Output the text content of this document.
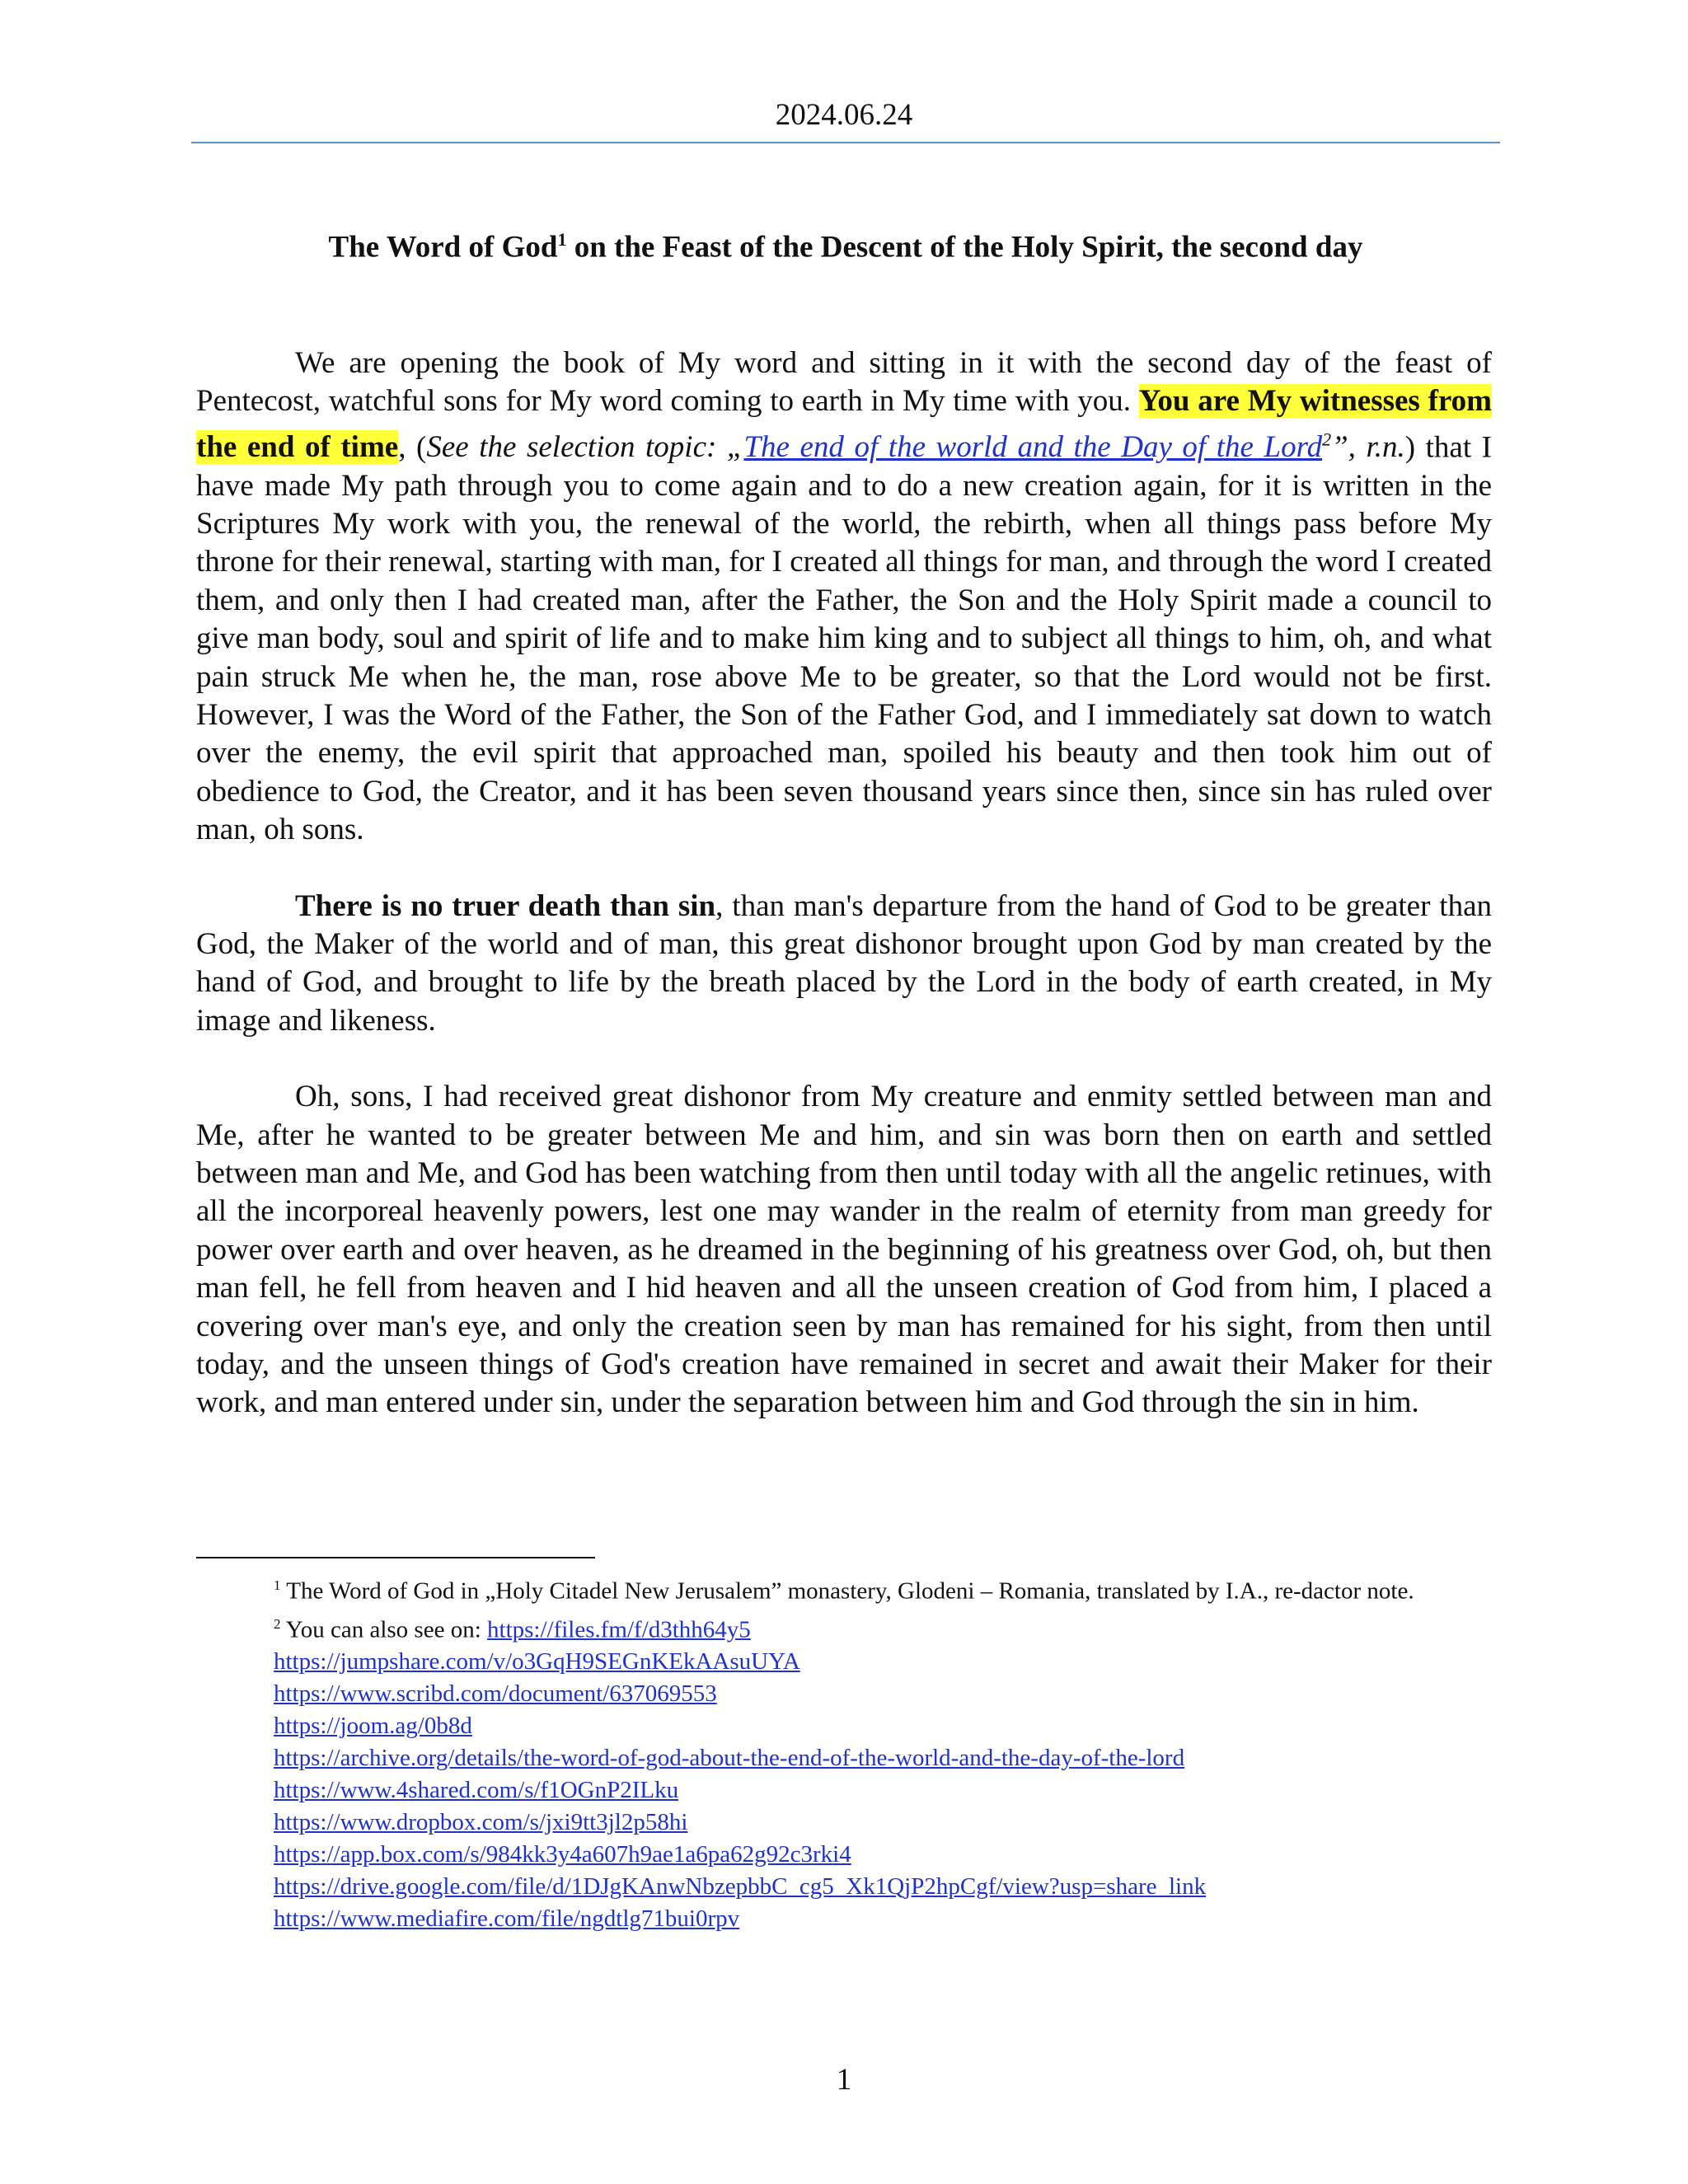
2024.06.24
The Word of God$^1$ on the Feast of the Descent of the Holy Spirit, the second day

We are opening the book of My word and sitting in it with the second day of the feast of Pentecost, watchful sons for My word coming to earth in My time with you. You are My witnesses from the end of time, (See the selection topic: „The end of the world and the Day of the Lord$^2$”, r.n.) that I have made My path through you to come again and to do a new creation again, for it is written in the Scriptures My work with you, the renewal of the world, the rebirth, when all things pass before My throne for their renewal, starting with man, for I created all things for man, and through the word I created them, and only then I had created man, after the Father, the Son and the Holy Spirit made a council to give man body, soul and spirit of life and to make him king and to subject all things to him, oh, and what pain struck Me when he, the man, rose above Me to be greater, so that the Lord would not be first. However, I was the Word of the Father, the Son of the Father God, and I immediately sat down to watch over the enemy, the evil spirit that approached man, spoiled his beauty and then took him out of obedience to God, the Creator, and it has been seven thousand years since then, since sin has ruled over man, oh sons.

There is no truer death than sin, than man's departure from the hand of God to be greater than God, the Maker of the world and of man, this great dishonor brought upon God by man created by the hand of God, and brought to life by the breath placed by the Lord in the body of earth created, in My image and likeness.

Oh, sons, I had received great dishonor from My creature and enmity settled between man and Me, after he wanted to be greater between Me and him, and sin was born then on earth and settled between man and Me, and God has been watching from then until today with all the angelic retinues, with all the incorporeal heavenly powers, lest one may wander in the realm of eternity from man greedy for power over earth and over heaven, as he dreamed in the beginning of his greatness over God, oh, but then man fell, he fell from heaven and I hid heaven and all the unseen creation of God from him, I placed a covering over man's eye, and only the creation seen by man has remained for his sight, from then until today, and the unseen things of God's creation have remained in secret and await their Maker for their work, and man entered under sin, under the separation between him and God through the sin in him.

$^1$ The Word of God in „Holy Citadel New Jerusalem” monastery, Glodeni – Romania, translated by I.A., re-dactor note.
$^2$ You can also see on: https://files.fm/f/d3thh64y5
https://jumpshare.com/v/o3GqH9SEGnKEkAAsuUYA
https://www.scribd.com/document/637069553
https://joom.ag/0b8d
https://archive.org/details/the-word-of-god-about-the-end-of-the-world-and-the-day-of-the-lord
https://www.4shared.com/s/f1OGnP2ILku
https://www.dropbox.com/s/jxi9tt3jl2p58hi
https://app.box.com/s/984kk3y4a607h9ae1a6pa62g92c3rki4
https://drive.google.com/file/d/1DJgKAnwNbzepbbC_cg5_Xk1QjP2hpCgf/view?usp=share_link
https://www.mediafire.com/file/ngdtlg71bui0rpv
1
